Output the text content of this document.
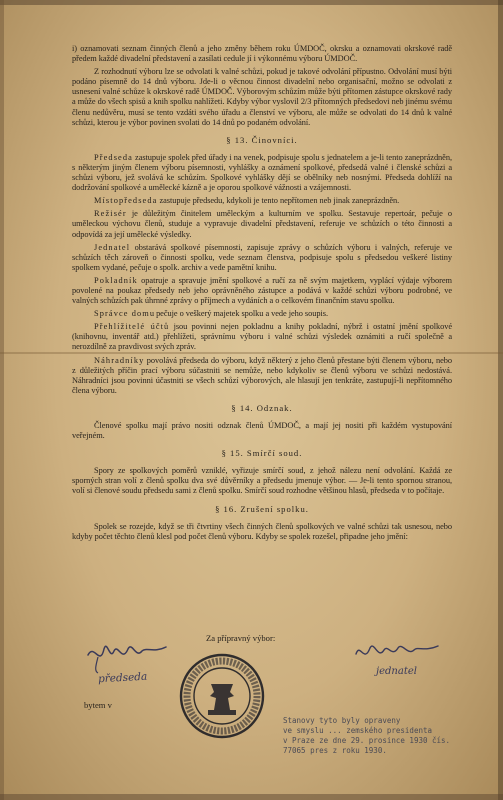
i) oznamovati seznam činných členů a jeho změny během roku ÚMDOČ, okrsku a oznamovati okrskové radě předem každé divadelní představení a zasílati cedule jí i výkonnému výboru ÚMDOČ.

Z rozhodnutí výboru lze se odvolati k valné schůzi, pokud je takové odvolání přípustno. Odvolání musí býti podáno písemně do 14 dnů výboru. Jde-li o věcnou činnost divadelní nebo organisační, možno se odvolati z usnesení valné schůze k okrskové radě ÚMDOČ. Výborovým schůzím může býti přítomen zástupce okrskové rady a může do všech spisů a knih spolku nahlížeti. Kdyby výbor vyslovil 2/3 přítomných předsedovi neb jinému svému členu nedůvěru, musí se tento vzdáti svého úřadu a členství ve výboru, ale může se odvolati do 14 dnů k valné schůzi, kterou je výbor povinen svolati do 14 dnů po podaném odvolání.

§ 13. Činovníci.

Předseda zastupuje spolek před úřady i na venek, podpisuje spolu s jednatelem a je-li tento zaneprázdněn, s některým jiným členem výboru písemnosti, vyhlášky a oznámení spolkové, předsedá valné i členské schůzi a schůzi výboru, jež svolává ke schůzím. Spolkové vyhlášky dějí se obělníky neb nosnými. Předseda dohlíží na dodržování spolkové a umělecké kázně a je oporou spolkové vážnosti a vzájemnosti.

Místopředseda zastupuje předsedu, kdykoli je tento nepřítomen neb jinak zaneprázdněn.

Režisér je důležitým činitelem uměleckým a kulturním ve spolku. Sestavuje repertoár, pečuje o uměleckou výchovu členů, studuje a vypravuje divadelní představení, referuje ve schůzích o této činnosti a odpovídá za její umělecké výsledky.

Jednatel obstarává spolkové písemnosti, zapisuje zprávy o schůzích výboru i valných, referuje ve schůzích těch zároveň o činnosti spolku, vede seznam členstva, podpisuje spolu s předsedou veškeré listiny spolkem vydané, pečuje o spolk. archiv a vede pamětní knihu.

Pokladník opatruje a spravuje jmění spolkové a ručí za ně svým majetkem, vyplácí výdaje výborem povolené na poukaz předsedy neb jeho oprávněného zástupce a podává v každé schůzi výboru podrobné, ve valných schůzích pak úhrnné zprávy o příjmech a vydáních a o celkovém finančním stavu spolku.

Správce domu pečuje o veškerý majetek spolku a vede jeho soupis.

Přehlížitelé účtů jsou povinni nejen pokladnu a knihy pokladní, nýbrž i ostatní jmění spolkové (knihovnu, inventář atd.) přehlížeti, správnímu výboru i valné schůzi výsledek oznámiti a ručí společně a nerozdílně za pravdivost svých zpráv.

Náhradníky povolává předseda do výboru, když některý z jeho členů přestane býti členem výboru, nebo z důležitých příčin prací výboru súčastniti se nemůže, nebo kdykoliv se členů výboru ve schůzi nedostává. Náhradníci jsou povinni účastniti se všech schůzí výborových, ale hlasují jen tenkráte, zastupují-li nepřítomného člena výboru.

§ 14. Odznak.

Členové spolku mají právo nositi odznak členů ÚMDOČ, a mají jej nositi při každém vystupování veřejném.

§ 15. Smírčí soud.

Spory ze spolkových poměrů vzniklé, vyřizuje smírčí soud, z jehož nálezu není odvolání. Každá ze sporných stran volí z členů spolku dva své důvěrníky a předsedu jmenuje výbor. — Je-li tento spornou stranou, volí si členové soudu předsedu sami z členů spolku. Smírčí soud rozhodne většinou hlasů, předseda v to počítaje.

§ 16. Zrušení spolku.

Spolek se rozejde, když se tři čtvrtiny všech činných členů spolkových ve valné schůzi tak usnesou, nebo kdyby počet těchto členů klesl pod počet členů výboru. Kdyby se spolek rozešel, připadne jeho jmění:

Za přípravný výbor:
předseda	jednatel
bytem v
Stanovy tyto byly opraveny
ve smyslu ... zemského presidenta
v Praze ze dne 29. prosince 1930 čís.
77065 pres z roku 1930.
